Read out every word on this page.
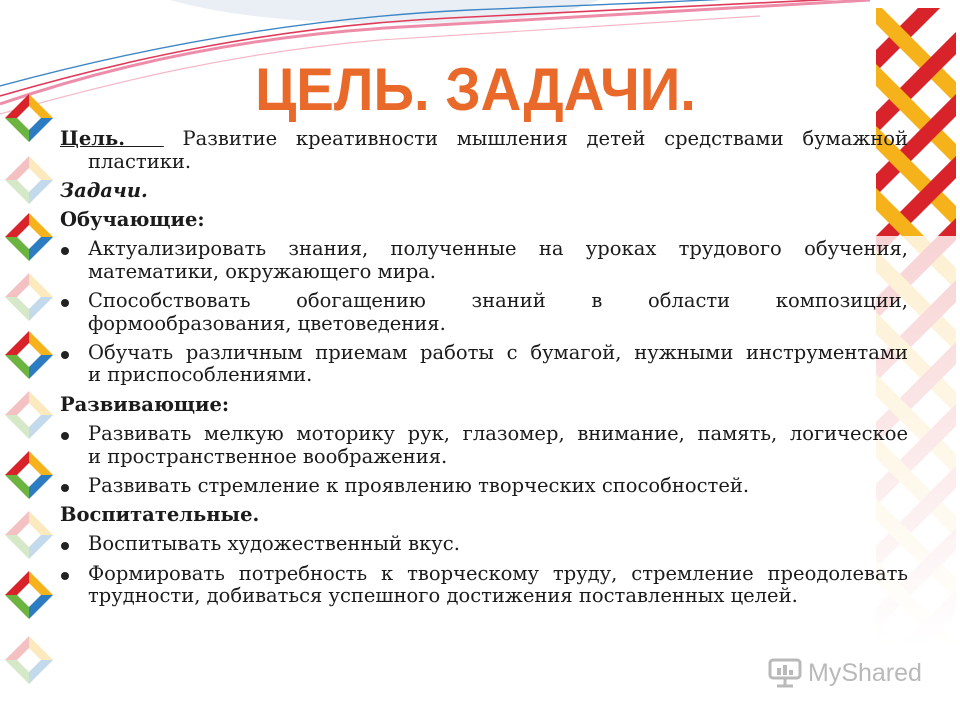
ЦЕЛЬ. ЗАДАЧИ.
Цель.	Развитие креативности мышления детей средствами бумажной
пластики.
Задачи.
Обучающие:
Актуализировать знания, полученные на уроках трудового обучения,
математики, окружающего мира.
Способствовать обогащению знаний в области композиции,
формообразования, цветоведения.
Обучать различным приемам работы с бумагой, нужными инструментами
и приспособлениями.
Развивающие:
Развивать мелкую моторику рук, глазомер, внимание, память, логическое
и пространственное воображения.
Развивать стремление к проявлению творческих способностей.
Воспитательные.
Воспитывать художественный вкус.
Формировать потребность к творческому труду, стремление преодолевать
трудности, добиваться успешного достижения поставленных целей.
MyShared
